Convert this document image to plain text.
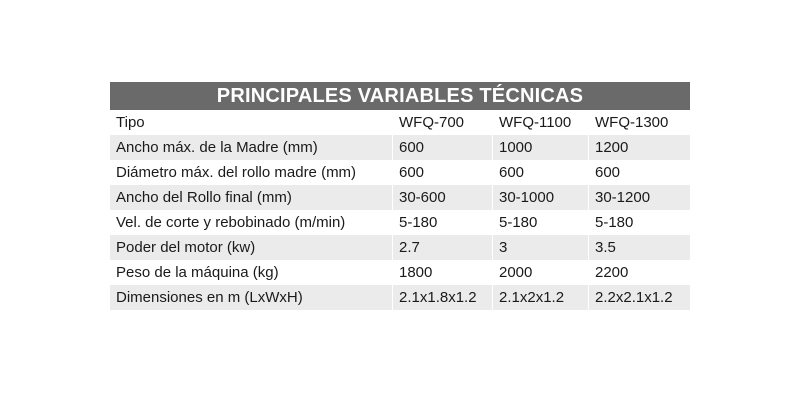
PRINCIPALES VARIABLES TÉCNICAS
Tipo	WFQ-700	WFQ-1100	WFQ-1300
Ancho máx. de la Madre (mm)	600	1000	1200
Diámetro máx. del rollo madre (mm)	600	600	600
Ancho del Rollo final (mm)	30-600	30-1000	30-1200
Vel. de corte y rebobinado (m/min)	5-180	5-180	5-180
Poder del motor (kw)	2.7	3	3.5
Peso de la máquina (kg)	1800	2000	2200
Dimensiones en m (LxWxH)	2.1x1.8x1.2	2.1x2x1.2	2.2x2.1x1.2
